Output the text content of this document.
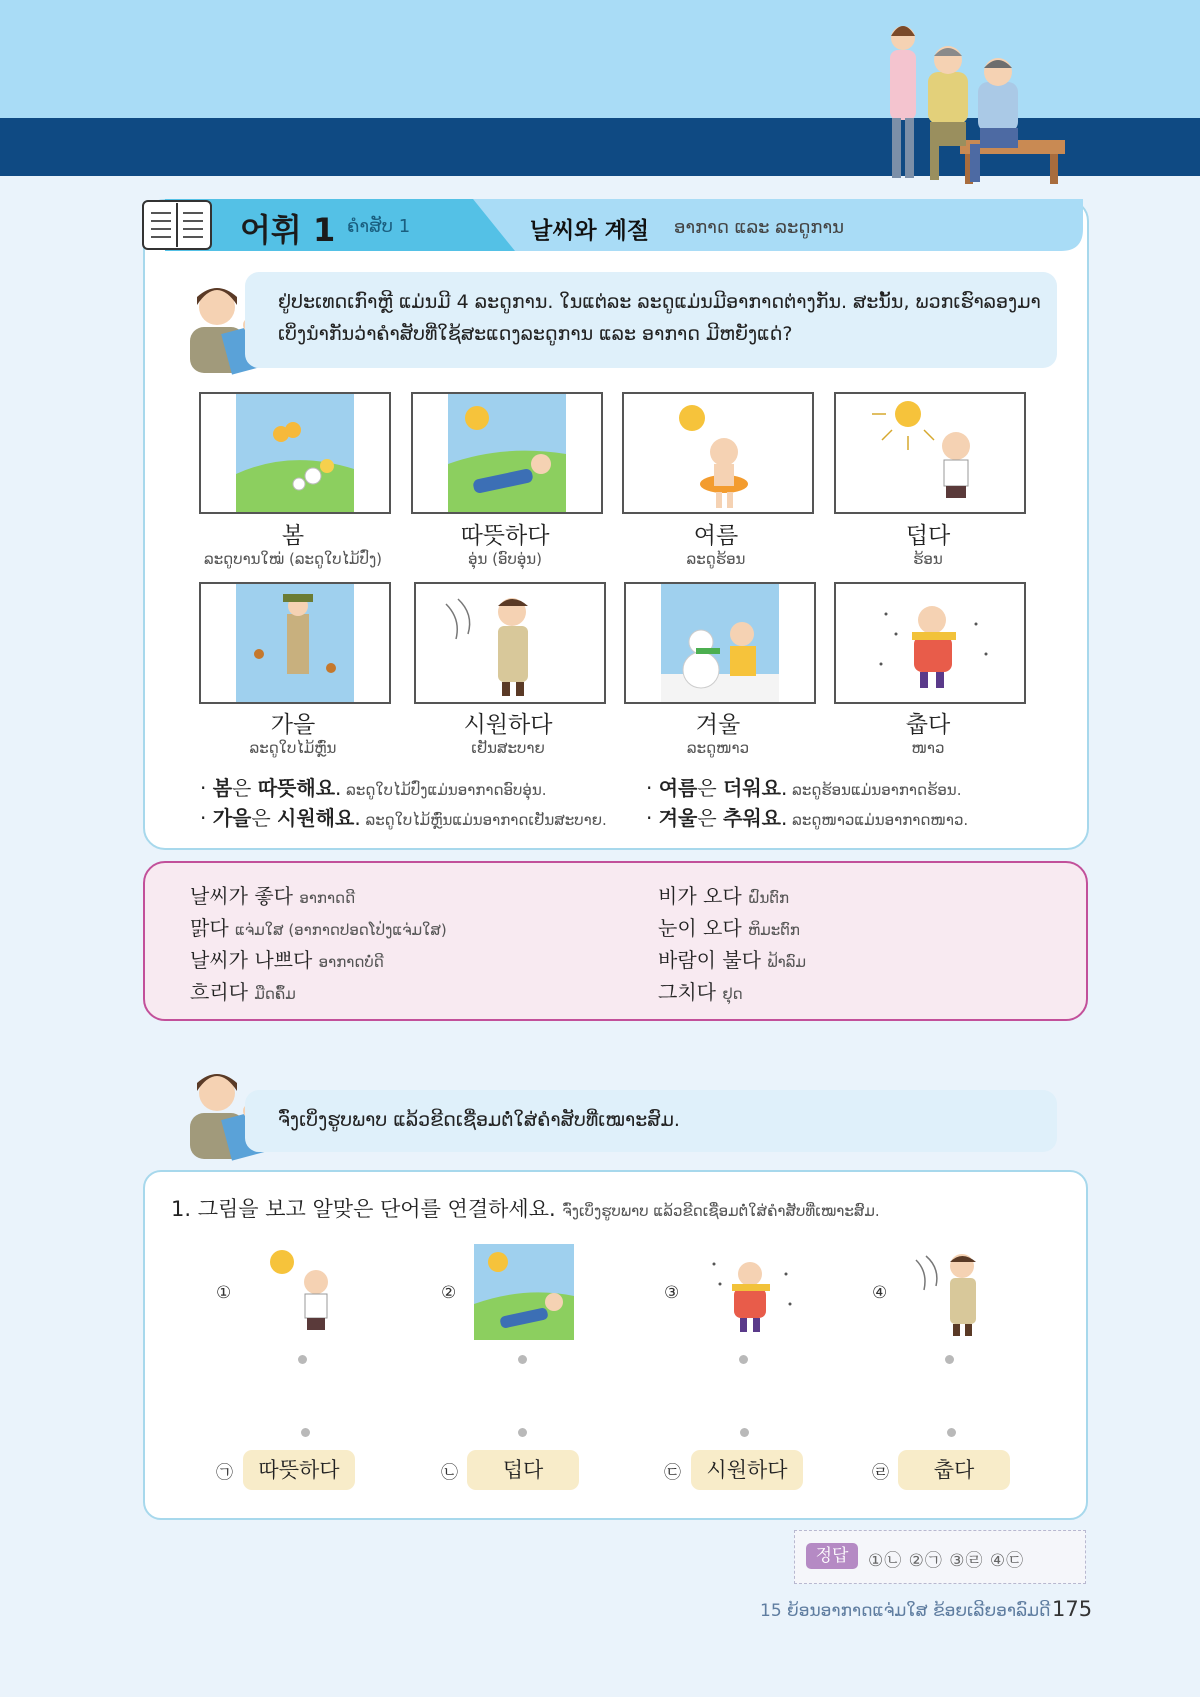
어휘 1 ຄຳສັບ 1	날씨와 계절 ອາກາດ ແລະ ລະດູການ
ຢູ່ປະເທດເກົາຫຼີ ແມ່ນມີ 4 ລະດູການ. ໃນແຕ່ລະ ລະດູແມ່ນມີອາກາດຕ່າງກັນ. ສະນັ້ນ, ພວກເຮົາລອງມາເບິ່ງນຳກັນວ່າຄຳສັບທີ່ໃຊ້ສະແດງລະດູການ ແລະ ອາກາດ ມີຫຍັງແດ່?
봄
ລະດູບານໃໝ່ (ລະດູໃບໄມ້ປົ່ງ)
따뜻하다
ອຸ່ນ (ອົບອຸ່ນ)
여름
ລະດູຮ້ອນ
덥다
ຮ້ອນ
가을
ລະດູໃບໄມ້ຫຼົ່ນ
시원하다
ເຢັນສະບາຍ
겨울
ລະດູໜາວ
춥다
ໜາວ
· 봄은 따뜻해요. ລະດູໃບໄມ້ປົ່ງແມ່ນອາກາດອົບອຸ່ນ.	· 여름은 더워요. ລະດູຮ້ອນແມ່ນອາກາດຮ້ອນ.
· 가을은 시원해요. ລະດູໃບໄມ້ຫຼົ່ນແມ່ນອາກາດເຢັນສະບາຍ. · 겨울은 추워요. ລະດູໜາວແມ່ນອາກາດໜາວ.
날씨가 좋다 ອາກາດດີ	비가 오다 ຝົນຕົກ
맑다 ແຈ່ມໃສ (ອາກາດປອດໂປ່ງແຈ່ມໃສ)	눈이 오다 ຫິມະຕົກ
날씨가 나쁘다 ອາກາດບໍ່ດີ	바람이 불다 ຟ້າລົມ
흐리다 ມືດຄຶ້ມ	그치다 ຢຸດ
ຈົ່ງເບິ່ງຮູບພາບ ແລ້ວຂີດເຊື່ອມຕໍ່ໃສ່ຄຳສັບທີ່ເໝາະສົມ.
1. 그림을 보고 알맞은 단어를 연결하세요. ຈົ່ງເບິ່ງຮູບພາບ ແລ້ວຂີດເຊື່ອມຕໍ່ໃສ່ຄຳສັບທີ່ເໝາະສົມ.
①	②	③	④
㉠	따뜻하다	㉡	덥다	㉢	시원하다	㉣	춥다
정답	①㉡ ②㉠ ③㉣ ④㉢
15 ຍ້ອນອາກາດແຈ່ມໃສ ຂ້ອຍເລີຍອາລົມດີ 175
